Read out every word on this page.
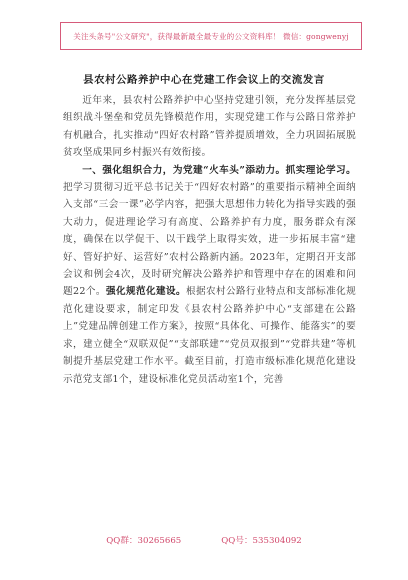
关注头条号"公文研究"，获得最新最全最专业的公文资料库！ 微信：gongwenyj
县农村公路养护中心在党建工作会议上的交流发言

近年来，县农村公路养护中心坚持党建引领，充分发挥基层党组织战斗堡垒和党员先锋模范作用，实现党建工作与公路日常养护有机融合，扎实推动“四好农村路”管养提质增效，全力巩固拓展脱贫攻坚成果同乡村振兴有效衔接。

一、强化组织合力，为党建“火车头”添动力。抓实理论学习。把学习贯彻习近平总书记关于“四好农村路”的重要指示精神全面纳入支部“三会一课”必学内容，把强大思想伟力转化为指导实践的强大动力，促进理论学习有高度、公路养护有力度，服务群众有深度，确保在以学促干、以干践学上取得实效，进一步拓展丰富“建好、管好护好、运营好”农村公路新内涵。2023年，定期召开支部会议和例会4次，及时研究解决公路养护和管理中存在的困难和问题22个。强化规范化建设。根据农村公路行业特点和支部标准化规范化建设要求，制定印发《县农村公路养护中心“支部建在公路上”党建品牌创建工作方案》，按照“具体化、可操作、能落实”的要求，建立健全“双联双促”“支部联建”“党员双报到”“党群共建”等机制提升基层党建工作水平。截至目前，打造市级标准化规范化建设示范党支部1个，建设标准化党员活动室1个，完善

QQ群：30265665	QQ号：535304092
